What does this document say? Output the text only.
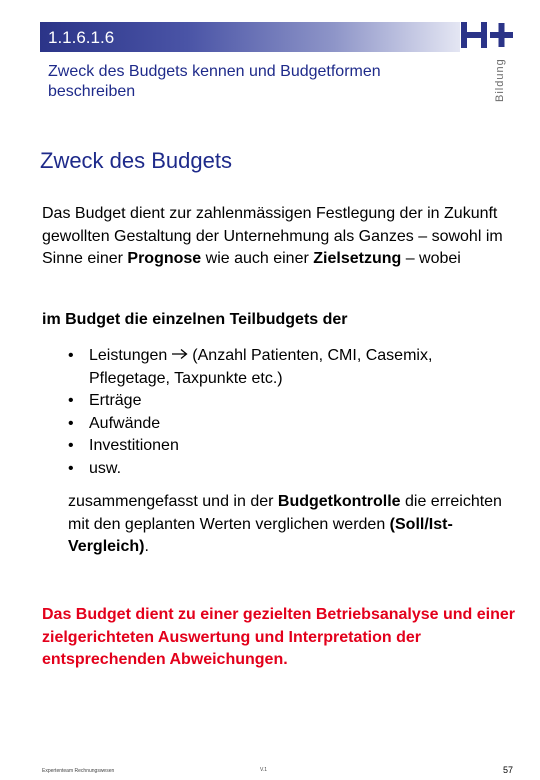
1.1.6.1.6
Zweck des Budgets kennen und Budgetformen beschreiben	Bildung
Zweck des Budgets

Das Budget dient zur zahlenmässigen Festlegung der in Zukunft gewollten Gestaltung der Unternehmung als Ganzes – sowohl im Sinne einer Prognose wie auch einer Zielsetzung – wobei

im Budget die einzelnen Teilbudgets der

• Leistungen (Anzahl Patienten, CMI, Casemix, Pflegetage, Taxpunkte etc.)
• Erträge
• Aufwände
• Investitionen
• usw.

zusammengefasst und in der Budgetkontrolle die erreichten mit den geplanten Werten verglichen werden (Soll/Ist-Vergleich).

Das Budget dient zu einer gezielten Betriebsanalyse und einer zielgerichteten Auswertung und Interpretation der entsprechenden Abweichungen.

Expertenteam Rechnungswesen	V.1	57
